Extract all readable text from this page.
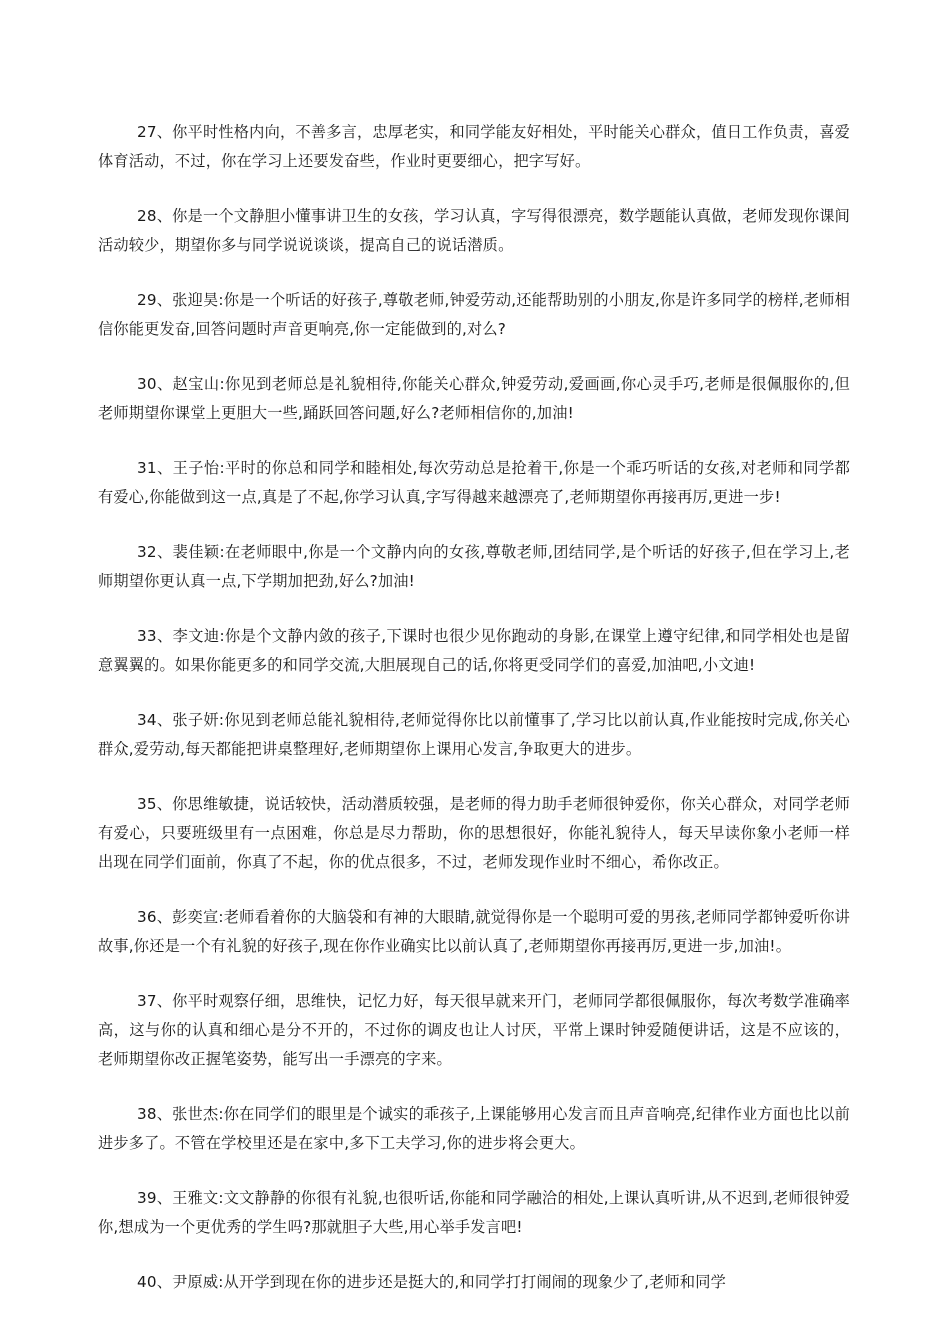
27、你平时性格内向，不善多言，忠厚老实，和同学能友好相处，平时能关心群众，值日工作负责，喜爱体育活动，不过，你在学习上还要发奋些，作业时更要细心，把字写好。

28、你是一个文静胆小懂事讲卫生的女孩，学习认真，字写得很漂亮，数学题能认真做，老师发现你课间活动较少，期望你多与同学说说谈谈，提高自己的说话潜质。

29、张迎昊:你是一个听话的好孩子,尊敬老师,钟爱劳动,还能帮助别的小朋友,你是许多同学的榜样,老师相信你能更发奋,回答问题时声音更响亮,你一定能做到的,对么?

30、赵宝山:你见到老师总是礼貌相待,你能关心群众,钟爱劳动,爱画画,你心灵手巧,老师是很佩服你的,但老师期望你课堂上更胆大一些,踊跃回答问题,好么?老师相信你的,加油!

31、王子怡:平时的你总和同学和睦相处,每次劳动总是抢着干,你是一个乖巧听话的女孩,对老师和同学都有爱心,你能做到这一点,真是了不起,你学习认真,字写得越来越漂亮了,老师期望你再接再厉,更进一步!

32、裴佳颖:在老师眼中,你是一个文静内向的女孩,尊敬老师,团结同学,是个听话的好孩子,但在学习上,老师期望你更认真一点,下学期加把劲,好么?加油!

33、李文迪:你是个文静内敛的孩子,下课时也很少见你跑动的身影,在课堂上遵守纪律,和同学相处也是留意翼翼的。如果你能更多的和同学交流,大胆展现自己的话,你将更受同学们的喜爱,加油吧,小文迪!

34、张子妍:你见到老师总能礼貌相待,老师觉得你比以前懂事了,学习比以前认真,作业能按时完成,你关心群众,爱劳动,每天都能把讲桌整理好,老师期望你上课用心发言,争取更大的进步。

35、你思维敏捷，说话较快，活动潜质较强，是老师的得力助手老师很钟爱你，你关心群众，对同学老师有爱心，只要班级里有一点困难，你总是尽力帮助，你的思想很好，你能礼貌待人，每天早读你象小老师一样出现在同学们面前，你真了不起，你的优点很多，不过，老师发现作业时不细心，希你改正。

36、彭奕宣:老师看着你的大脑袋和有神的大眼睛,就觉得你是一个聪明可爱的男孩,老师同学都钟爱听你讲故事,你还是一个有礼貌的好孩子,现在你作业确实比以前认真了,老师期望你再接再厉,更进一步,加油!。

37、你平时观察仔细，思维快，记忆力好，每天很早就来开门，老师同学都很佩服你，每次考数学准确率高，这与你的认真和细心是分不开的，不过你的调皮也让人讨厌，平常上课时钟爱随便讲话，这是不应该的，老师期望你改正握笔姿势，能写出一手漂亮的字来。

38、张世杰:你在同学们的眼里是个诚实的乖孩子,上课能够用心发言而且声音响亮,纪律作业方面也比以前进步多了。不管在学校里还是在家中,多下工夫学习,你的进步将会更大。

39、王雅文:文文静静的你很有礼貌,也很听话,你能和同学融洽的相处,上课认真听讲,从不迟到,老师很钟爱你,想成为一个更优秀的学生吗?那就胆子大些,用心举手发言吧!

40、尹原威:从开学到现在你的进步还是挺大的,和同学打打闹闹的现象少了,老师和同学
